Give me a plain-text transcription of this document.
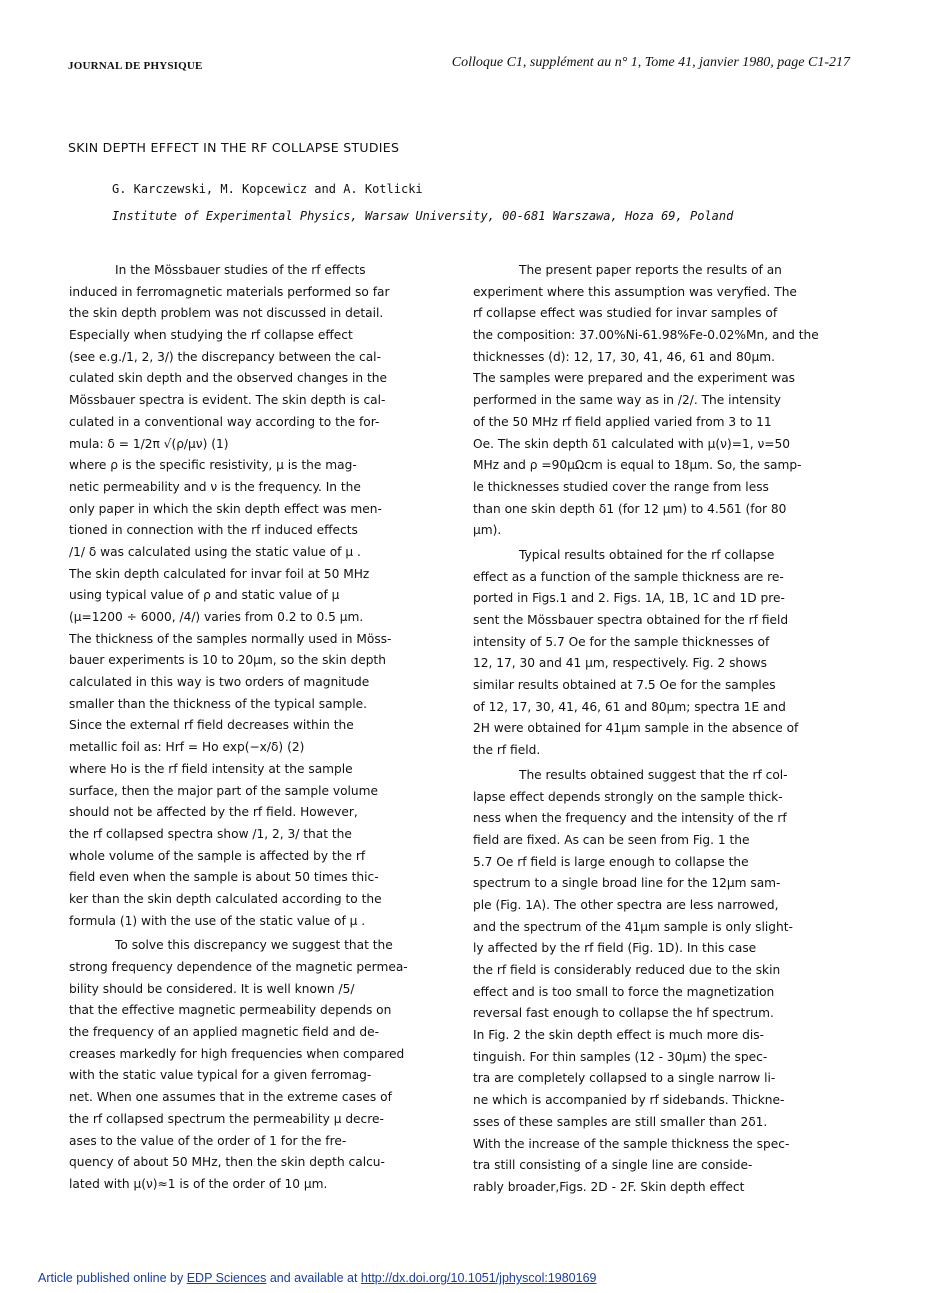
JOURNAL DE PHYSIQUE	Colloque C1, supplément au n° 1, Tome 41, janvier 1980, page C1-217
SKIN DEPTH EFFECT IN THE RF COLLAPSE STUDIES
G. Karczewski, M. Kopcewicz and A. Kotlicki
Institute of Experimental Physics, Warsaw University, 00-681 Warszawa, Hoza 69, Poland
In the Mössbauer studies of the rf effects
induced in ferromagnetic materials performed so far
the skin depth problem was not discussed in detail.
Especially when studying the rf collapse effect
(see e.g./1, 2, 3/) the discrepancy between the cal-
culated skin depth and the observed changes in the
Mössbauer spectra is evident. The skin depth is cal-
culated in a conventional way according to the for-
mula: δ = 1/2π √(ρ/μν) (1)
where ρ is the specific resistivity, μ is the mag-
netic permeability and ν is the frequency. In the
only paper in which the skin depth effect was men-
tioned in connection with the rf induced effects
/1/ δ was calculated using the static value of μ .
The skin depth calculated for invar foil at 50 MHz
using typical value of ρ and static value of μ
(μ=1200 ÷ 6000, /4/) varies from 0.2 to 0.5 μm.
The thickness of the samples normally used in Möss-
bauer experiments is 10 to 20μm, so the skin depth
calculated in this way is two orders of magnitude
smaller than the thickness of the typical sample.
Since the external rf field decreases within the
metallic foil as: Hrf = Ho exp(−x/δ) (2)
where Ho is the rf field intensity at the sample
surface, then the major part of the sample volume
should not be affected by the rf field. However,
the rf collapsed spectra show /1, 2, 3/ that the
whole volume of the sample is affected by the rf
field even when the sample is about 50 times thic-
ker than the skin depth calculated according to the
formula (1) with the use of the static value of μ .
To solve this discrepancy we suggest that the
strong frequency dependence of the magnetic permea-
bility should be considered. It is well known /5/
that the effective magnetic permeability depends on
the frequency of an applied magnetic field and de-
creases markedly for high frequencies when compared
with the static value typical for a given ferromag-
net. When one assumes that in the extreme cases of
the rf collapsed spectrum the permeability μ decre-
ases to the value of the order of 1 for the fre-
quency of about 50 MHz, then the skin depth calcu-
lated with μ(ν)≈1 is of the order of 10 μm.
The present paper reports the results of an
experiment where this assumption was veryfied. The
rf collapse effect was studied for invar samples of
the composition: 37.00%Ni-61.98%Fe-0.02%Mn, and the
thicknesses (d): 12, 17, 30, 41, 46, 61 and 80μm.
The samples were prepared and the experiment was
performed in the same way as in /2/. The intensity
of the 50 MHz rf field applied varied from 3 to 11
Oe. The skin depth δ1 calculated with μ(ν)=1, ν=50
MHz and ρ =90μΩcm is equal to 18μm. So, the samp-
le thicknesses studied cover the range from less
than one skin depth δ1 (for 12 μm) to 4.5δ1 (for 80
μm).
Typical results obtained for the rf collapse
effect as a function of the sample thickness are re-
ported in Figs.1 and 2. Figs. 1A, 1B, 1C and 1D pre-
sent the Mössbauer spectra obtained for the rf field
intensity of 5.7 Oe for the sample thicknesses of
12, 17, 30 and 41 μm, respectively. Fig. 2 shows
similar results obtained at 7.5 Oe for the samples
of 12, 17, 30, 41, 46, 61 and 80μm; spectra 1E and
2H were obtained for 41μm sample in the absence of
the rf field.
The results obtained suggest that the rf col-
lapse effect depends strongly on the sample thick-
ness when the frequency and the intensity of the rf
field are fixed. As can be seen from Fig. 1 the
5.7 Oe rf field is large enough to collapse the
spectrum to a single broad line for the 12μm sam-
ple (Fig. 1A). The other spectra are less narrowed,
and the spectrum of the 41μm sample is only slight-
ly affected by the rf field (Fig. 1D). In this case
the rf field is considerably reduced due to the skin
effect and is too small to force the magnetization
reversal fast enough to collapse the hf spectrum.
In Fig. 2 the skin depth effect is much more dis-
tinguish. For thin samples (12 - 30μm) the spec-
tra are completely collapsed to a single narrow li-
ne which is accompanied by rf sidebands. Thickne-
sses of these samples are still smaller than 2δ1.
With the increase of the sample thickness the spec-
tra still consisting of a single line are conside-
rably broader,Figs. 2D - 2F. Skin depth effect
Article published online by EDP Sciences and available at http://dx.doi.org/10.1051/jphyscol:1980169
